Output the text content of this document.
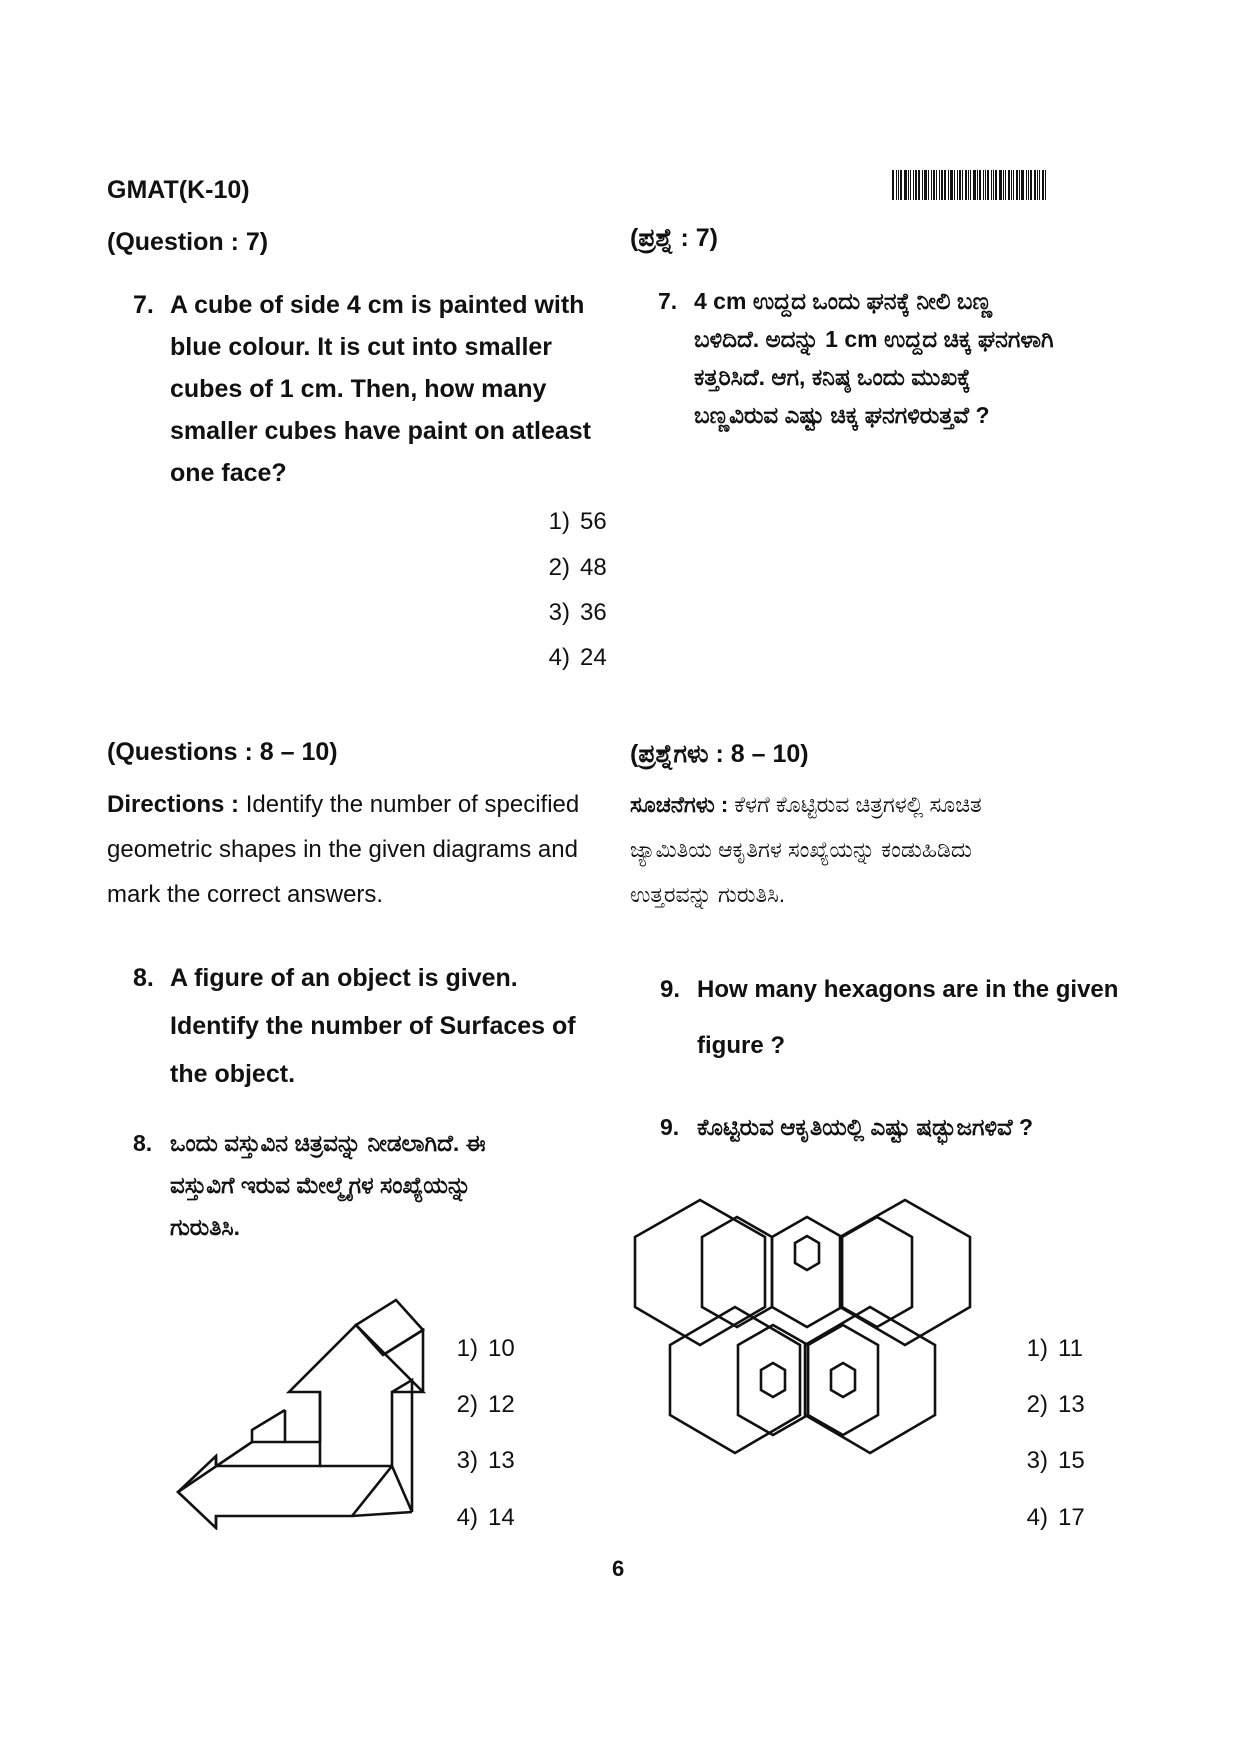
GMAT(K-10)
(Question : 7)	(ಪ್ರಶ್ನೆ : 7)
7. A cube of side 4 cm is painted with
blue colour. It is cut into smaller
cubes of 1 cm. Then, how many
smaller cubes have paint on atleast
one face?
7. 4 cm ಉದ್ದದ ಒಂದು ಘನಕ್ಕೆ ನೀಲಿ ಬಣ್ಣ
ಬಳಿದಿದೆ. ಅದನ್ನು 1 cm ಉದ್ದದ ಚಿಕ್ಕ ಘನಗಳಾಗಿ
ಕತ್ತರಿಸಿದೆ. ಆಗ, ಕನಿಷ್ಠ ಒಂದು ಮುಖಕ್ಕೆ
ಬಣ್ಣವಿರುವ ಎಷ್ಟು ಚಿಕ್ಕ ಘನಗಳಿರುತ್ತವೆ ?
1) 56
2) 48
3) 36
4) 24
(Questions : 8 – 10)	(ಪ್ರಶ್ನೆಗಳು : 8 – 10)
Directions : Identify the number of specified
geometric shapes in the given diagrams and
mark the correct answers.
ಸೂಚನೆಗಳು : ಕೆಳಗೆ ಕೊಟ್ಟಿರುವ ಚಿತ್ರಗಳಲ್ಲಿ ಸೂಚಿತ
ಜ್ಯಾಮಿತಿಯ ಆಕೃತಿಗಳ ಸಂಖ್ಯೆಯನ್ನು ಕಂಡುಹಿಡಿದು
ಉತ್ತರವನ್ನು ಗುರುತಿಸಿ.
8. A figure of an object is given.
Identify the number of Surfaces of
the object.
8. ಒಂದು ವಸ್ತುವಿನ ಚಿತ್ರವನ್ನು ನೀಡಲಾಗಿದೆ. ಈ
ವಸ್ತುವಿಗೆ ಇರುವ ಮೇಲ್ಮೈಗಳ ಸಂಖ್ಯೆಯನ್ನು
ಗುರುತಿಸಿ.
1) 10
2) 12
3) 13
4) 14
9. How many hexagons are in the given
figure ?
9. ಕೊಟ್ಟಿರುವ ಆಕೃತಿಯಲ್ಲಿ ಎಷ್ಟು ಷಡ್ಭುಜಗಳಿವೆ ?
1) 11
2) 13
3) 15
4) 17
6
